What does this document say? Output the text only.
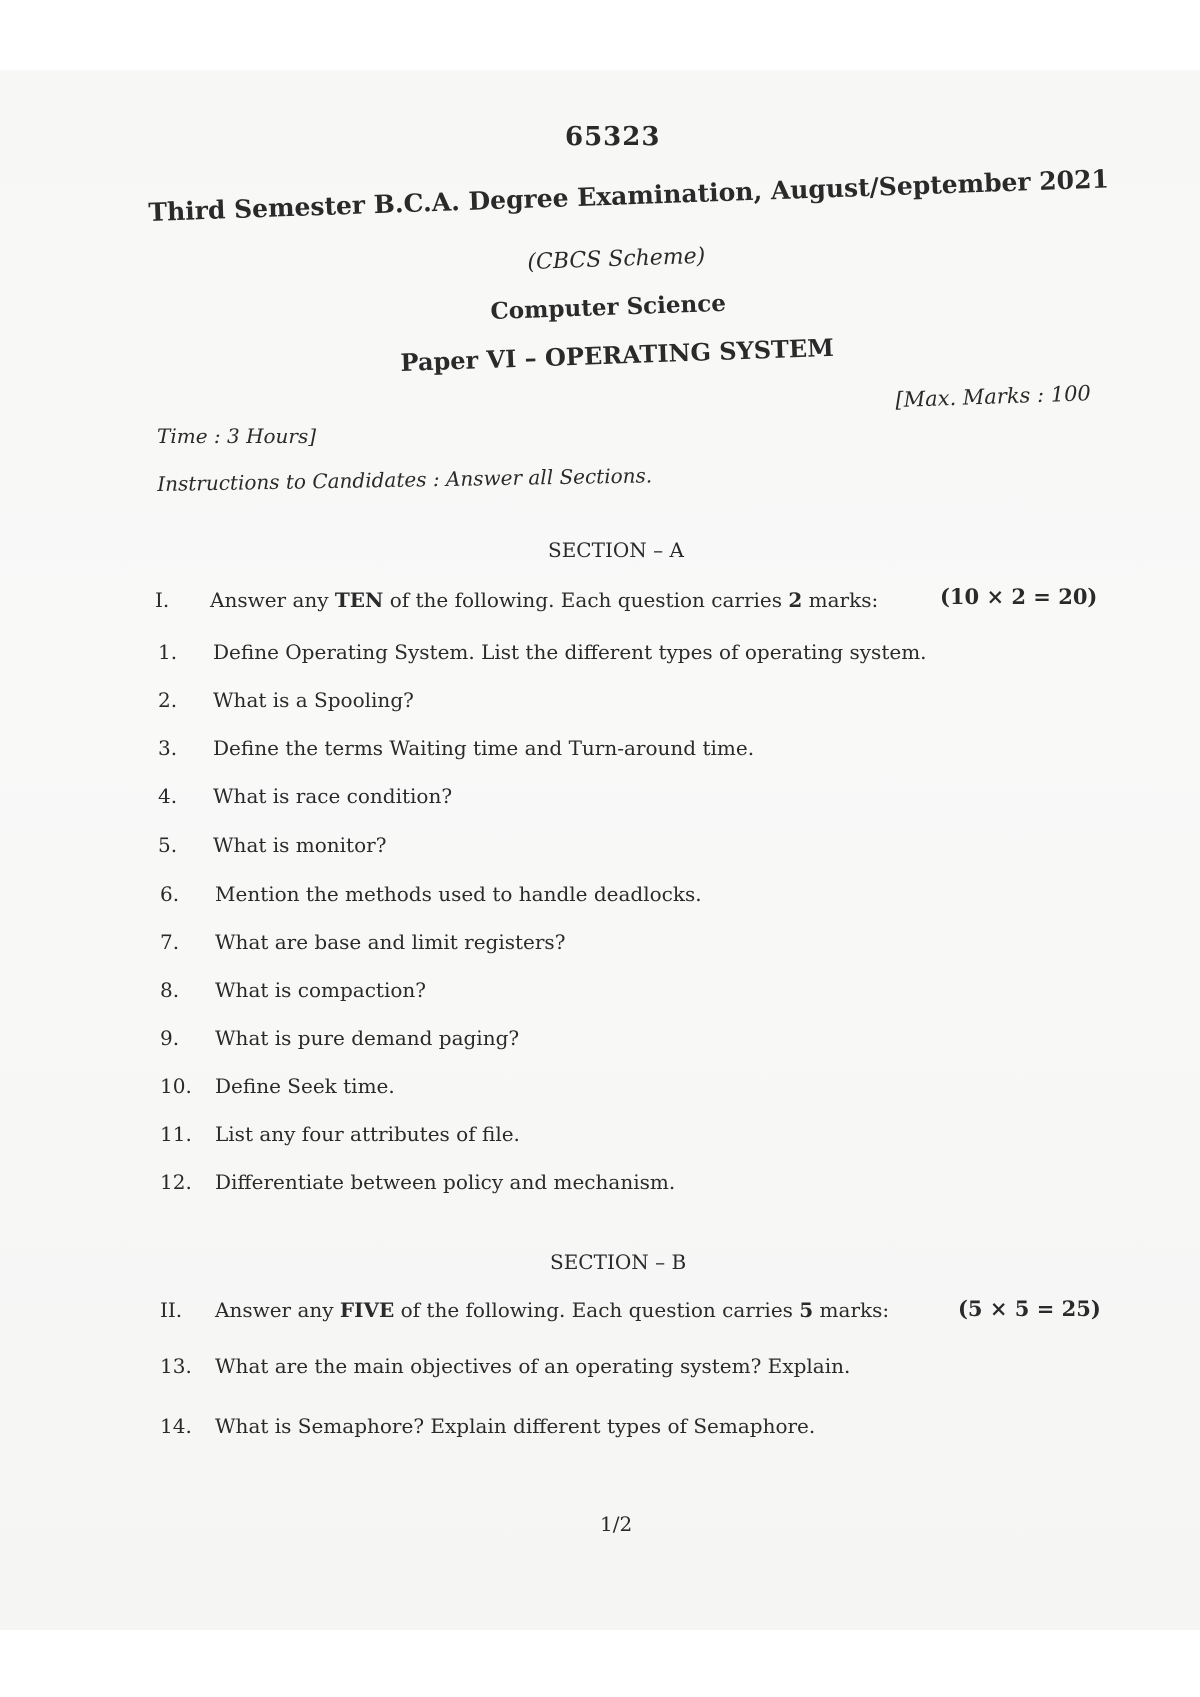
65323
Third Semester B.C.A. Degree Examination, August/September 2021
(CBCS Scheme)
Computer Science
Paper VI – OPERATING SYSTEM
[Max. Marks : 100
Time : 3 Hours]
Instructions to Candidates : Answer all Sections.
SECTION – A
I. Answer any TEN of the following. Each question carries 2 marks:	(10 × 2 = 20)
1. Define Operating System. List the different types of operating system.
2. What is a Spooling?
3. Define the terms Waiting time and Turn-around time.
4. What is race condition?
5. What is monitor?
6. Mention the methods used to handle deadlocks.
7. What are base and limit registers?
8. What is compaction?
9. What is pure demand paging?
10. Define Seek time.
11. List any four attributes of file.
12. Differentiate between policy and mechanism.
SECTION – B
II. Answer any FIVE of the following. Each question carries 5 marks:	(5 × 5 = 25)
13. What are the main objectives of an operating system? Explain.
14. What is Semaphore? Explain different types of Semaphore.
1/2
